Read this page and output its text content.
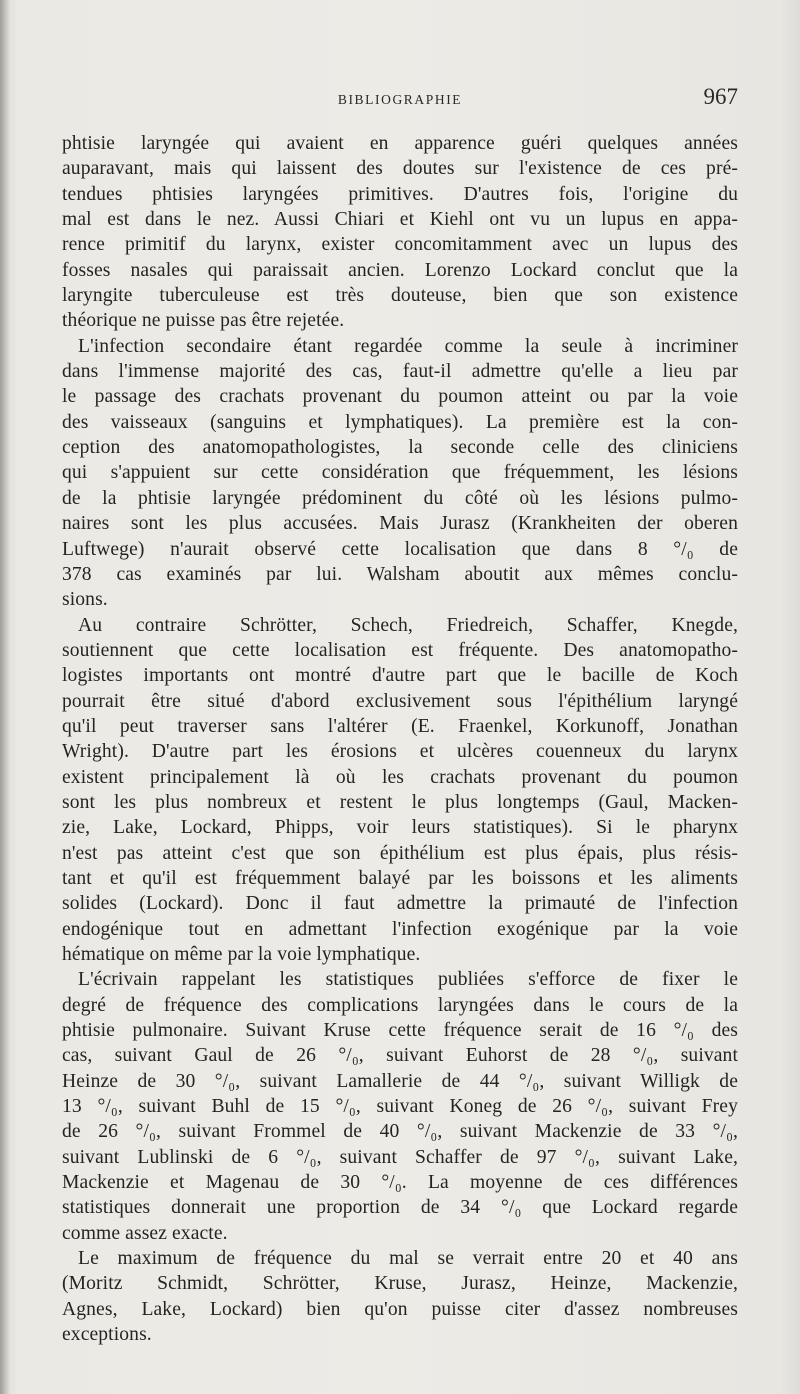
BIBLIOGRAPHIE	967
phtisie laryngée qui avaient en apparence guéri quelques années
auparavant, mais qui laissent des doutes sur l'existence de ces pré-
tendues phtisies laryngées primitives. D'autres fois, l'origine du
mal est dans le nez. Aussi Chiari et Kiehl ont vu un lupus en appa-
rence primitif du larynx, exister concomitamment avec un lupus des
fosses nasales qui paraissait ancien. Lorenzo Lockard conclut que la
laryngite tuberculeuse est très douteuse, bien que son existence
théorique ne puisse pas être rejetée.
L'infection secondaire étant regardée comme la seule à incriminer
dans l'immense majorité des cas, faut-il admettre qu'elle a lieu par
le passage des crachats provenant du poumon atteint ou par la voie
des vaisseaux (sanguins et lymphatiques). La première est la con-
ception des anatomopathologistes, la seconde celle des cliniciens
qui s'appuient sur cette considération que fréquemment, les lésions
de la phtisie laryngée prédominent du côté où les lésions pulmo-
naires sont les plus accusées. Mais Jurasz (Krankheiten der oberen
Luftwege) n'aurait observé cette localisation que dans 8 °/₀ de
378 cas examinés par lui. Walsham aboutit aux mêmes conclu-
sions.
Au contraire Schrötter, Schech, Friedreich, Schaffer, Knegde,
soutiennent que cette localisation est fréquente. Des anatomopatho-
logistes importants ont montré d'autre part que le bacille de Koch
pourrait être situé d'abord exclusivement sous l'épithélium laryngé
qu'il peut traverser sans l'altérer (E. Fraenkel, Korkunoff, Jonathan
Wright). D'autre part les érosions et ulcères couenneux du larynx
existent principalement là où les crachats provenant du poumon
sont les plus nombreux et restent le plus longtemps (Gaul, Macken-
zie, Lake, Lockard, Phipps, voir leurs statistiques). Si le pharynx
n'est pas atteint c'est que son épithélium est plus épais, plus résis-
tant et qu'il est fréquemment balayé par les boissons et les aliments
solides (Lockard). Donc il faut admettre la primauté de l'infection
endogénique tout en admettant l'infection exogénique par la voie
hématique on même par la voie lymphatique.
L'écrivain rappelant les statistiques publiées s'efforce de fixer le
degré de fréquence des complications laryngées dans le cours de la
phtisie pulmonaire. Suivant Kruse cette fréquence serait de 16 °/₀ des
cas, suivant Gaul de 26 °/₀, suivant Euhorst de 28 °/₀, suivant
Heinze de 30 °/₀, suivant Lamallerie de 44 °/₀, suivant Willigk de
13 °/₀, suivant Buhl de 15 °/₀, suivant Koneg de 26 °/₀, suivant Frey
de 26 °/₀, suivant Frommel de 40 °/₀, suivant Mackenzie de 33 °/₀,
suivant Lublinski de 6 °/₀, suivant Schaffer de 97 °/₀, suivant Lake,
Mackenzie et Magenau de 30 °/₀. La moyenne de ces différences
statistiques donnerait une proportion de 34 °/₀ que Lockard regarde
comme assez exacte.
Le maximum de fréquence du mal se verrait entre 20 et 40 ans
(Moritz Schmidt, Schrötter, Kruse, Jurasz, Heinze, Mackenzie,
Agnes, Lake, Lockard) bien qu'on puisse citer d'assez nombreuses
exceptions.
